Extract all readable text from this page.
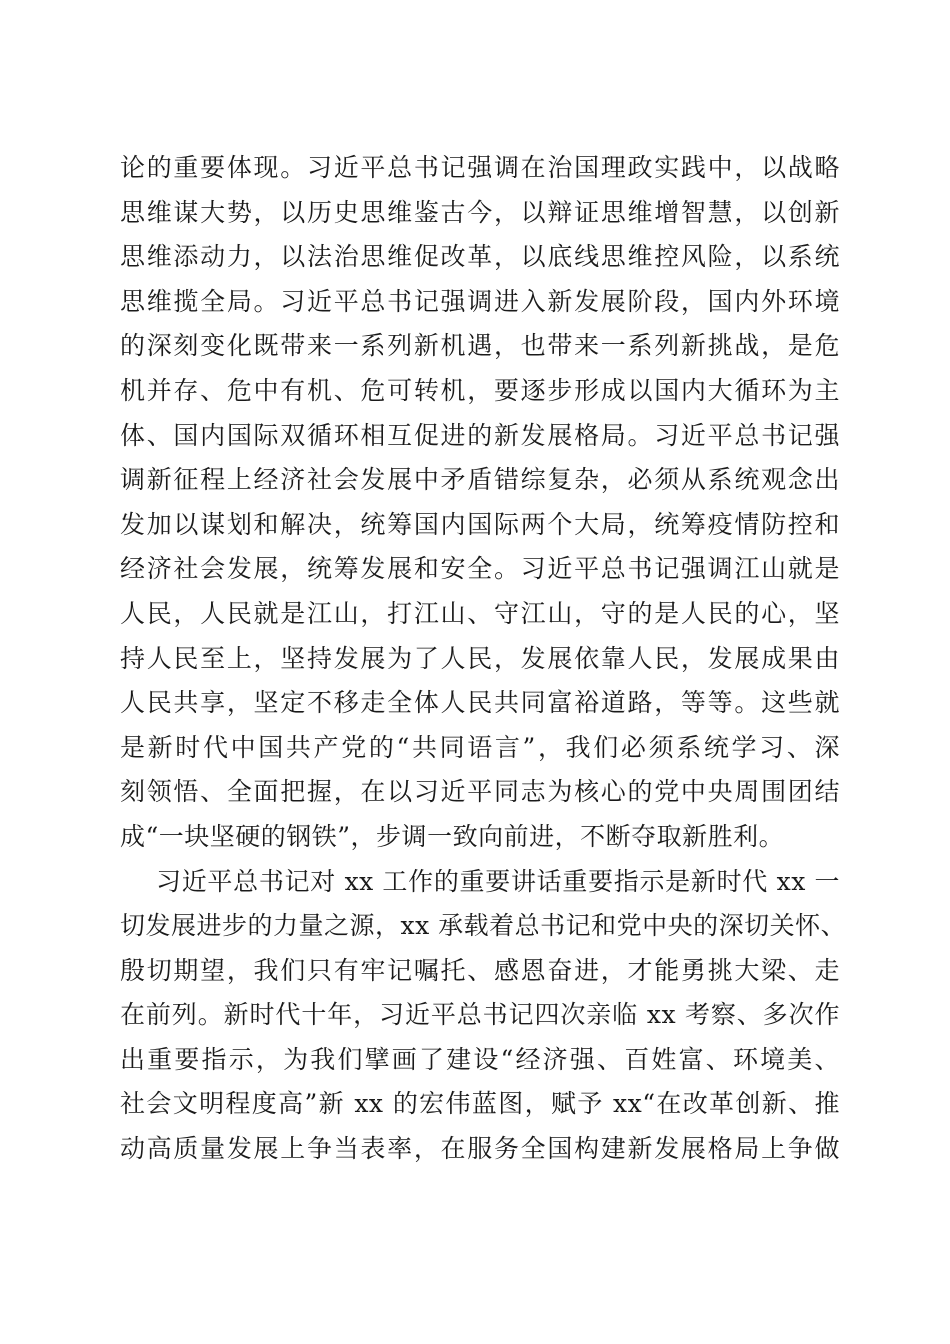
论的重要体现。习近平总书记强调在治国理政实践中，以战略
思维谋大势，以历史思维鉴古今，以辩证思维增智慧，以创新
思维添动力，以法治思维促改革，以底线思维控风险，以系统
思维揽全局。习近平总书记强调进入新发展阶段，国内外环境
的深刻变化既带来一系列新机遇，也带来一系列新挑战，是危
机并存、危中有机、危可转机，要逐步形成以国内大循环为主
体、国内国际双循环相互促进的新发展格局。习近平总书记强
调新征程上经济社会发展中矛盾错综复杂，必须从系统观念出
发加以谋划和解决，统筹国内国际两个大局，统筹疫情防控和
经济社会发展，统筹发展和安全。习近平总书记强调江山就是
人民，人民就是江山，打江山、守江山，守的是人民的心，坚
持人民至上，坚持发展为了人民，发展依靠人民，发展成果由
人民共享，坚定不移走全体人民共同富裕道路，等等。这些就
是新时代中国共产党的“共同语言”，我们必须系统学习、深
刻领悟、全面把握，在以习近平同志为核心的党中央周围团结
成“一块坚硬的钢铁”，步调一致向前进，不断夺取新胜利。
习近平总书记对 xx 工作的重要讲话重要指示是新时代 xx 一
切发展进步的力量之源，xx 承载着总书记和党中央的深切关怀、
殷切期望，我们只有牢记嘱托、感恩奋进，才能勇挑大梁、走
在前列。新时代十年，习近平总书记四次亲临 xx 考察、多次作
出重要指示，为我们擘画了建设“经济强、百姓富、环境美、
社会文明程度高”新 xx 的宏伟蓝图，赋予 xx“在改革创新、推
动高质量发展上争当表率，在服务全国构建新发展格局上争做
